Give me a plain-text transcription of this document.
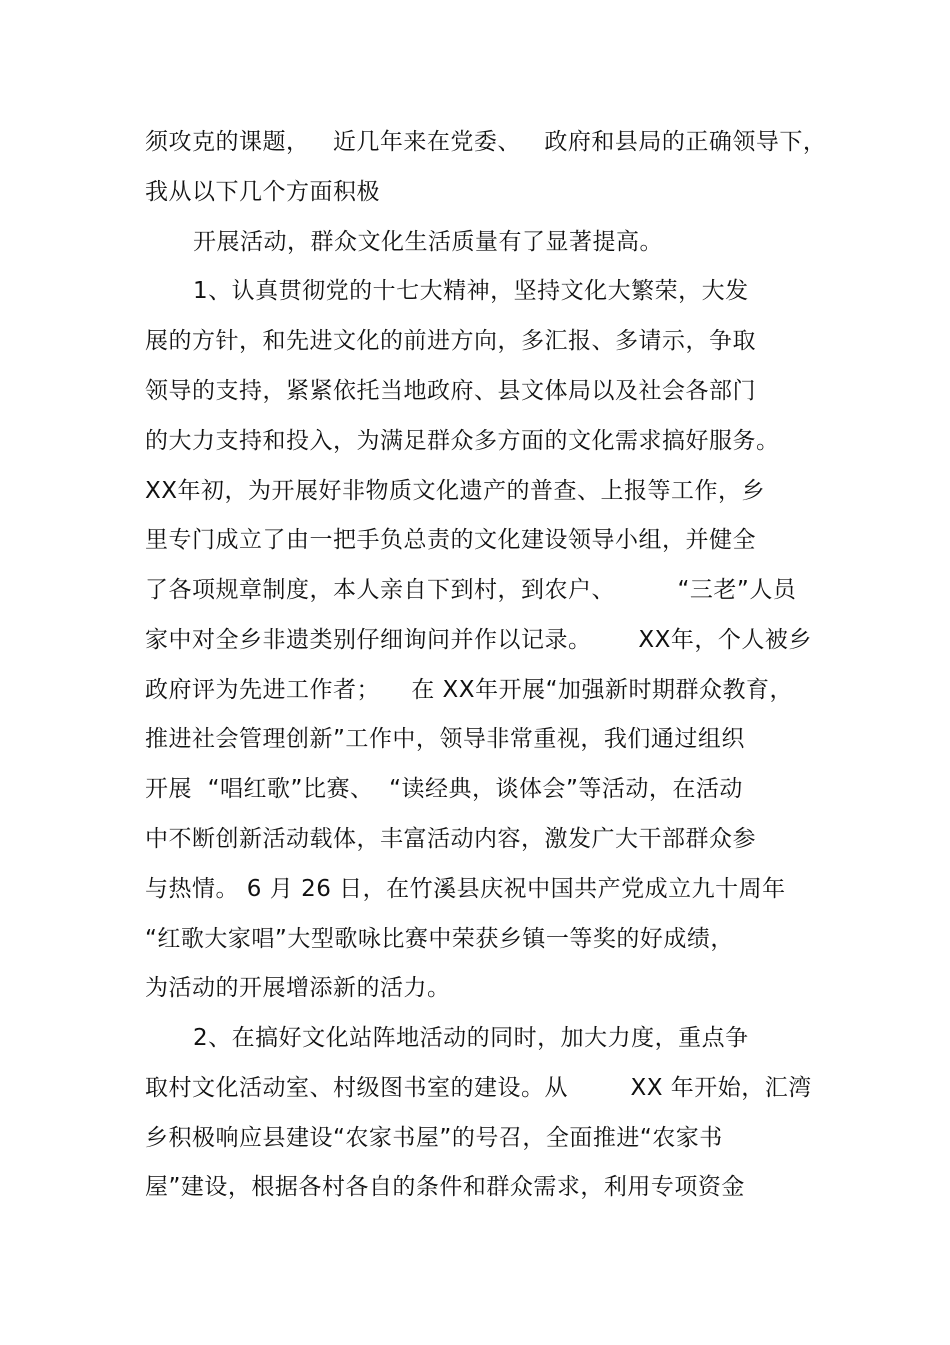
须攻克的课题，   近几年来在党委、   政府和县局的正确领导下，
我从以下几个方面积极
开展活动，群众文化生活质量有了显著提高。
1、认真贯彻党的十七大精神，坚持文化大繁荣，大发
展的方针，和先进文化的前进方向，多汇报、多请示，争取
领导的支持，紧紧依托当地政府、县文体局以及社会各部门
的大力支持和投入，为满足群众多方面的文化需求搞好服务。
XX年初，为开展好非物质文化遗产的普查、上报等工作，乡
里专门成立了由一把手负总责的文化建设领导小组，并健全
了各项规章制度，本人亲自下到村，到农户、        “三老”人员
家中对全乡非遗类别仔细询问并作以记录。      XX年，个人被乡
政府评为先进工作者；    在 XX年开展“加强新时期群众教育，
推进社会管理创新”工作中，领导非常重视，我们通过组织
开展  “唱红歌”比赛、  “读经典，谈体会”等活动，在活动
中不断创新活动载体，丰富活动内容，激发广大干部群众参
与热情。 6 月 26 日，在竹溪县庆祝中国共产党成立九十周年
“红歌大家唱”大型歌咏比赛中荣获乡镇一等奖的好成绩，
为活动的开展增添新的活力。
2、在搞好文化站阵地活动的同时，加大力度，重点争
取村文化活动室、村级图书室的建设。从        XX 年开始，汇湾
乡积极响应县建设“农家书屋”的号召，全面推进“农家书
屋”建设，根据各村各自的条件和群众需求，利用专项资金
